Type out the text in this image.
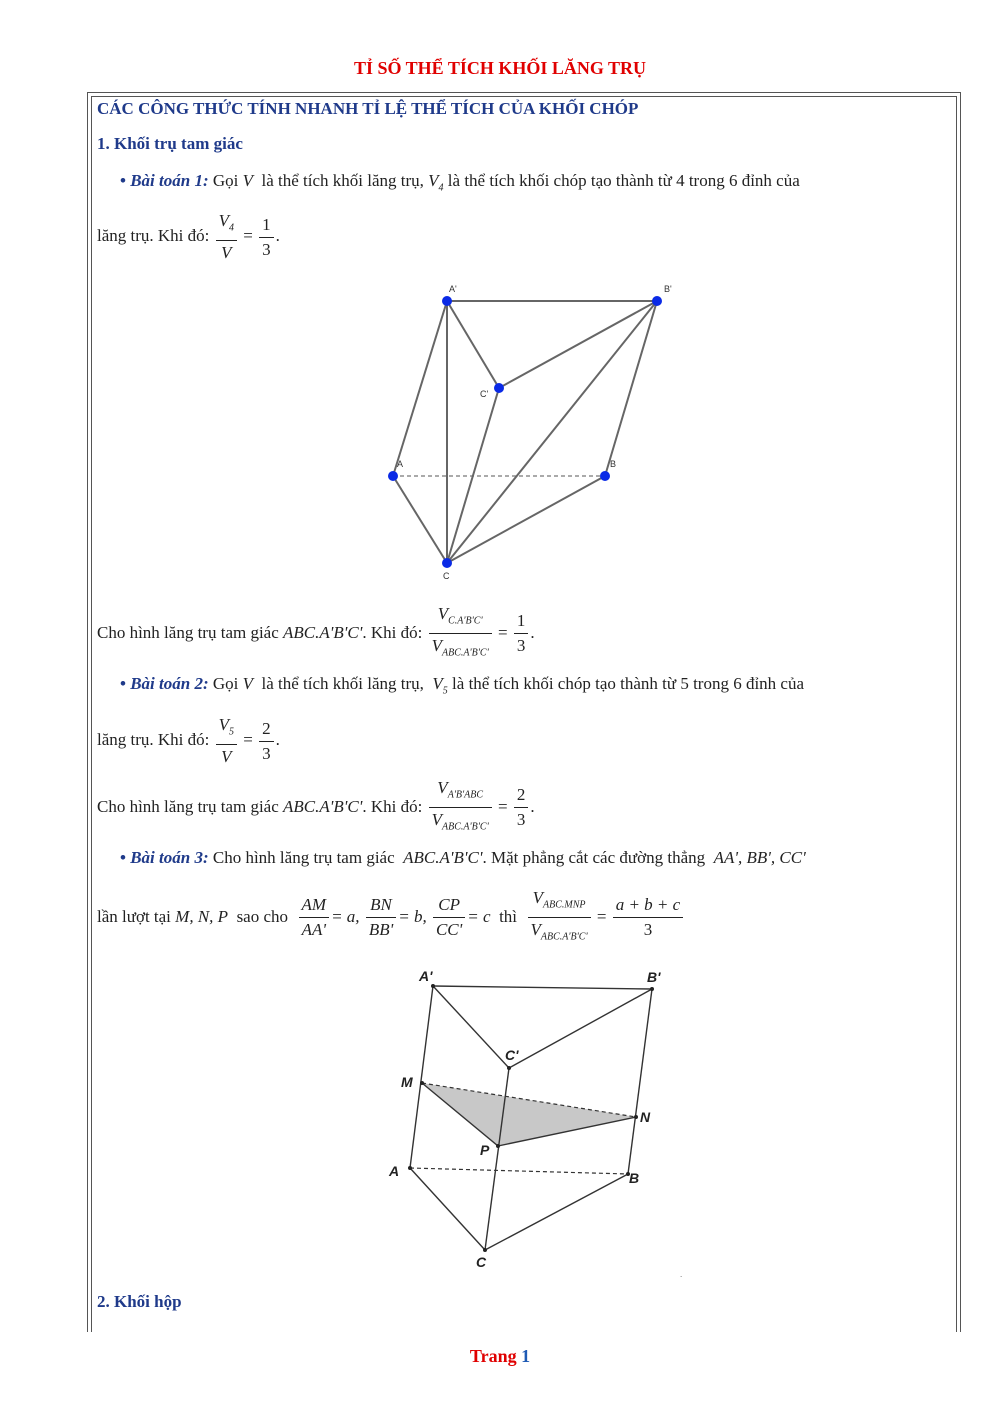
TỈ SỐ THỂ TÍCH KHỐI LĂNG TRỤ
CÁC CÔNG THỨC TÍNH NHANH TỈ LỆ THỂ TÍCH CỦA KHỐI CHÓP
1. Khối trụ tam giác
• Bài toán 1: Gọi V là thể tích khối lăng trụ, $V_4$ là thể tích khối chóp tạo thành từ 4 trong 6 đỉnh của
lăng trụ. Khi đó: $\frac{V_4}{V} = \frac{1}{3}$ .
A'	B'
C'
A	B
C
Cho hình lăng trụ tam giác ABC.A'B'C'. Khi đó: $\frac{V_{C.A'B'C'}}{V_{ABC.A'B'C'}} = \frac{1}{3}$ .
• Bài toán 2: Gọi V là thể tích khối lăng trụ, $V_5$ là thể tích khối chóp tạo thành từ 5 trong 6 đỉnh của
lăng trụ. Khi đó: $\frac{V_5}{V} = \frac{2}{3}$ .
Cho hình lăng trụ tam giác ABC.A'B'C'. Khi đó: $\frac{V_{A'B'ABC}}{V_{ABC.A'B'C'}} = \frac{2}{3}$ .
• Bài toán 3: Cho hình lăng trụ tam giác ABC.A'B'C'. Mặt phẳng cắt các đường thẳng AA', BB', CC'
lần lượt tại M, N, P sao cho $\frac{AM}{AA'} = a$, $\frac{BN}{BB'} = b$, $\frac{CP}{CC'} = c$ thì $\frac{V_{ABC.MNP}}{V_{ABC.A'B'C'}} = \frac{a + b + c}{3}$
A'	B'
C'
M
N
P
A	B
C
.
2. Khối hộp
Trang 1
